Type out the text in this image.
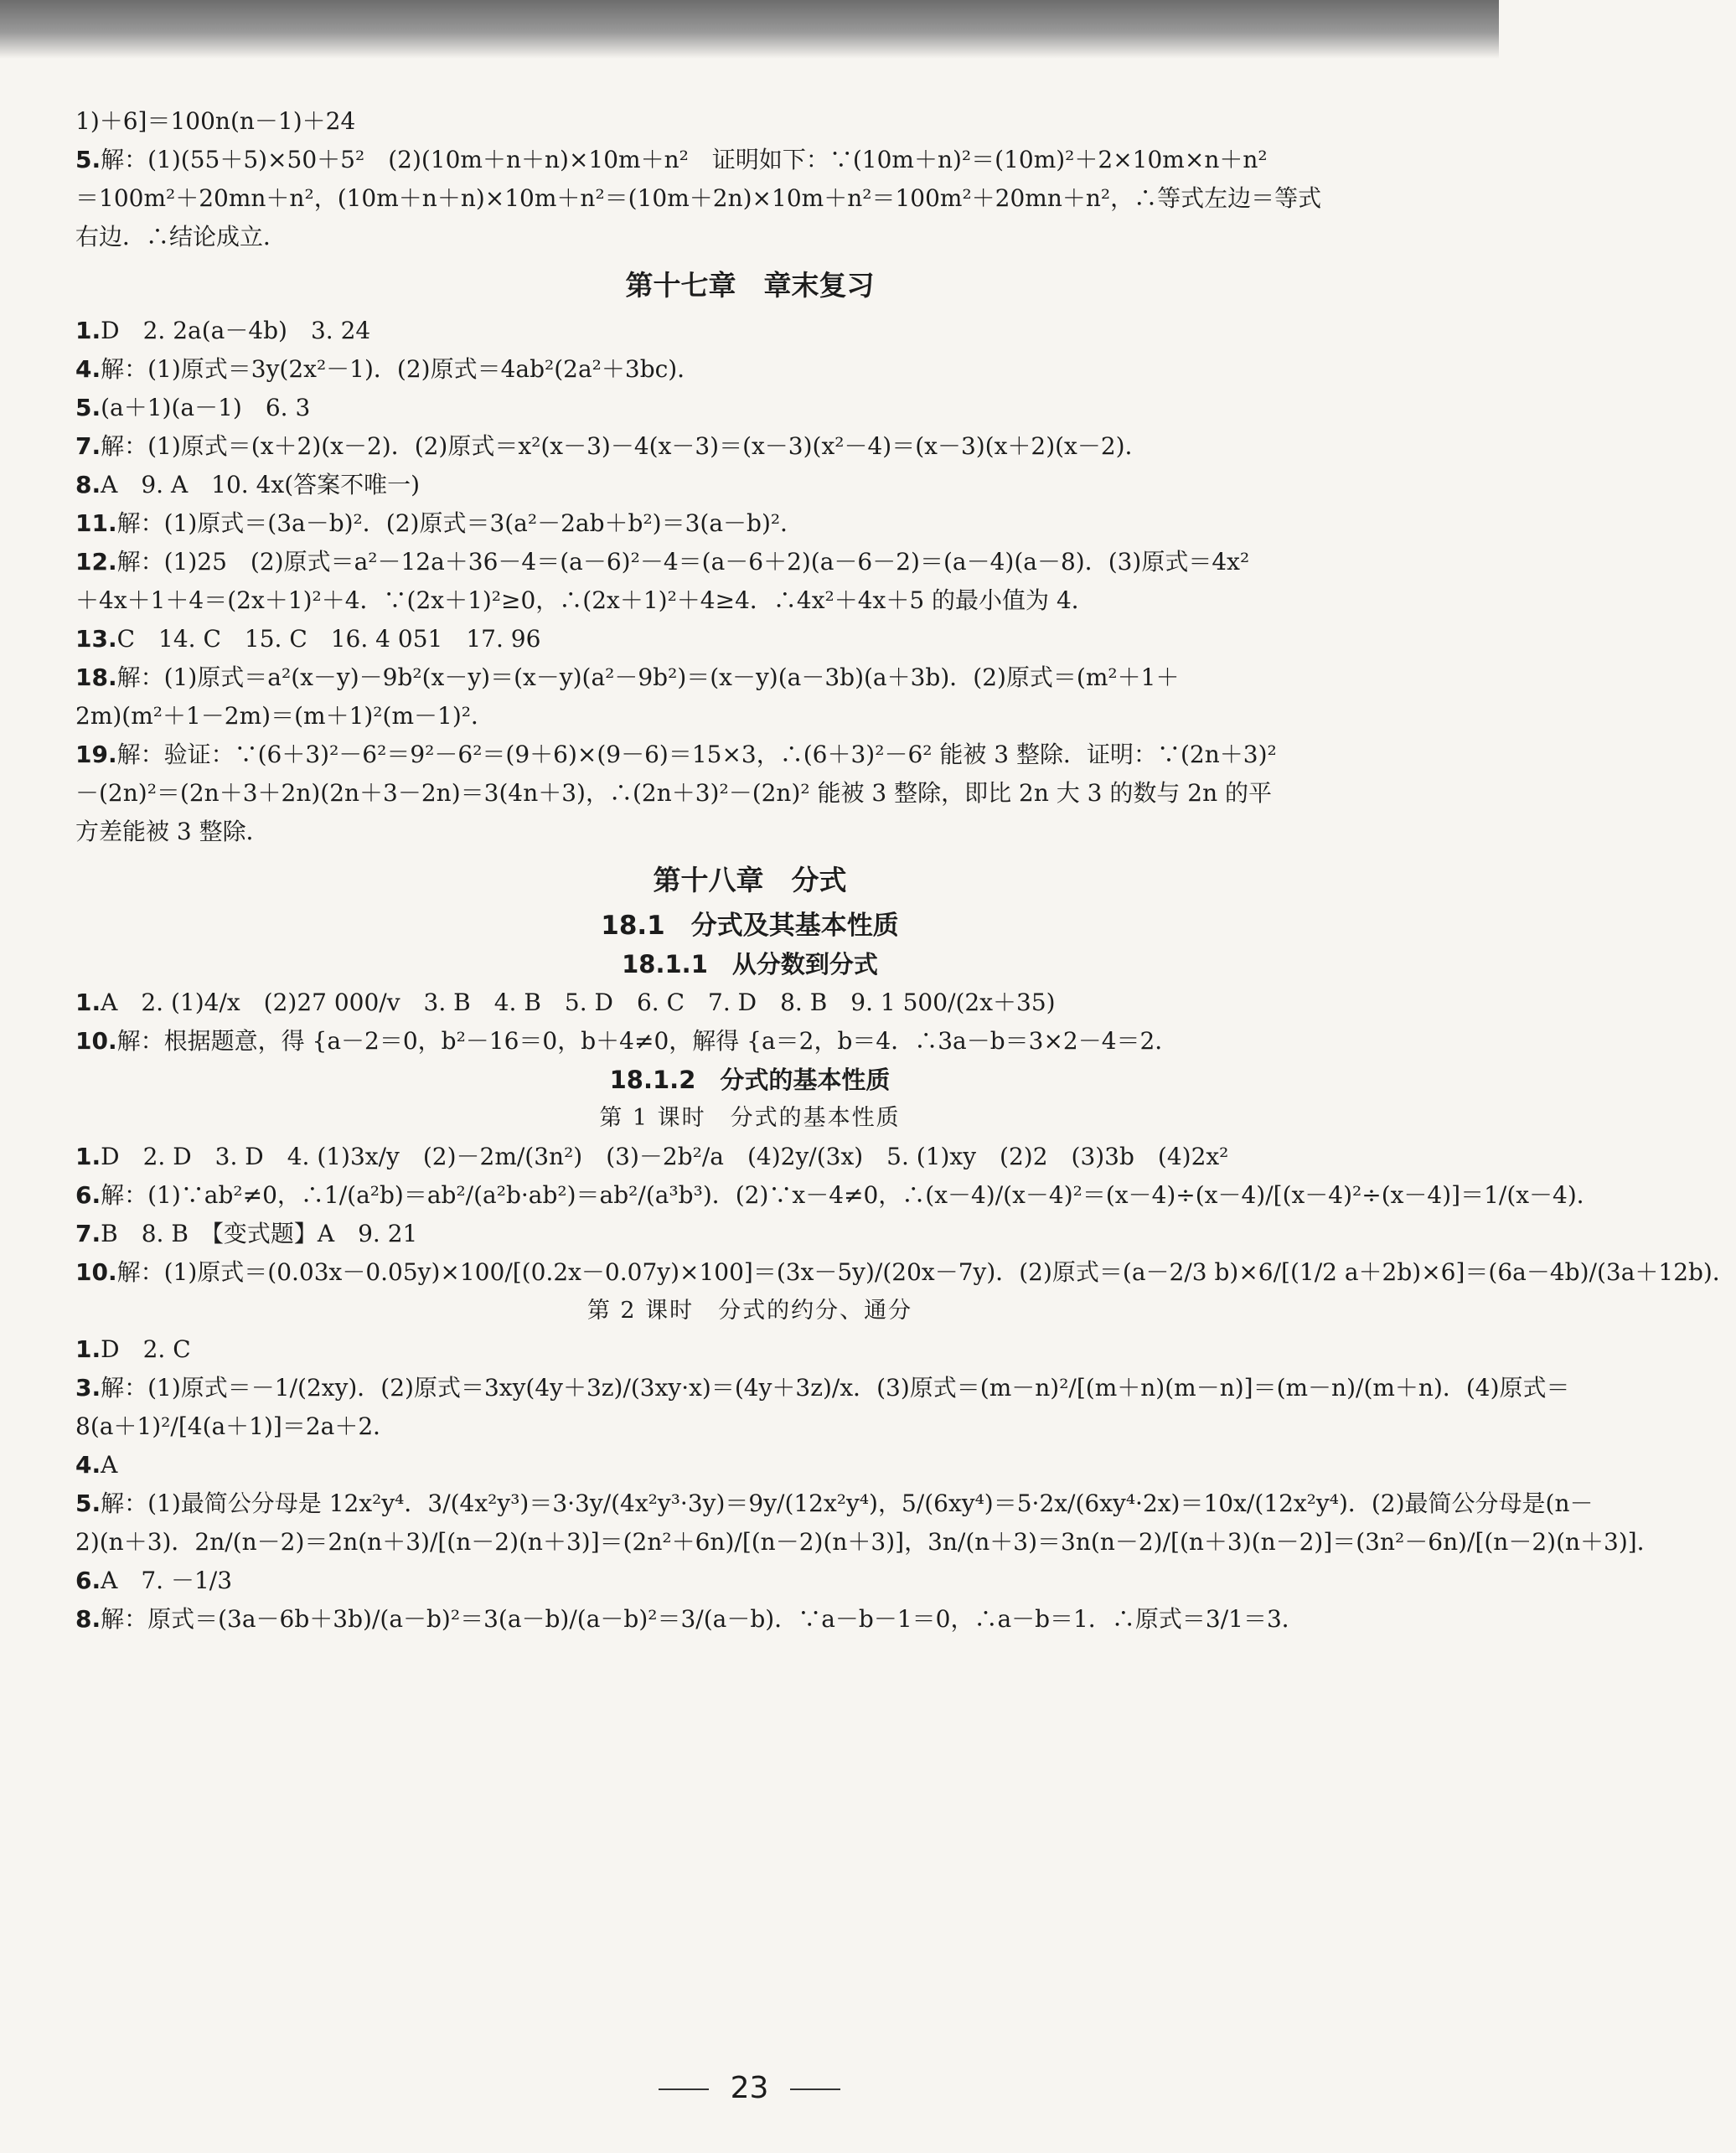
1)＋6]＝100n(n－1)＋24
5.解：(1)(55＋5)×50＋5²　(2)(10m＋n＋n)×10m＋n²　证明如下：∵(10m＋n)²＝(10m)²＋2×10m×n＋n²
＝100m²＋20mn＋n²，(10m＋n＋n)×10m＋n²＝(10m＋2n)×10m＋n²＝100m²＋20mn＋n²，∴等式左边＝等式
右边．∴结论成立．
第十七章　章末复习
1.D　2. 2a(a－4b)　3. 24
4.解：(1)原式＝3y(2x²－1)．(2)原式＝4ab²(2a²＋3bc)．
5.(a＋1)(a－1)　6. 3
7.解：(1)原式＝(x＋2)(x－2)．(2)原式＝x²(x－3)－4(x－3)＝(x－3)(x²－4)＝(x－3)(x＋2)(x－2)．
8.A　9. A　10. 4x(答案不唯一)
11.解：(1)原式＝(3a－b)²．(2)原式＝3(a²－2ab＋b²)＝3(a－b)²．
12.解：(1)25　(2)原式＝a²－12a＋36－4＝(a－6)²－4＝(a－6＋2)(a－6－2)＝(a－4)(a－8)．(3)原式＝4x²
＋4x＋1＋4＝(2x＋1)²＋4．∵(2x＋1)²≥0，∴(2x＋1)²＋4≥4．∴4x²＋4x＋5 的最小值为 4．
13.C　14. C　15. C　16. 4 051　17. 96
18.解：(1)原式＝a²(x－y)－9b²(x－y)＝(x－y)(a²－9b²)＝(x－y)(a－3b)(a＋3b)．(2)原式＝(m²＋1＋
2m)(m²＋1－2m)＝(m＋1)²(m－1)²．
19.解：验证：∵(6＋3)²－6²＝9²－6²＝(9＋6)×(9－6)＝15×3，∴(6＋3)²－6² 能被 3 整除．证明：∵(2n＋3)²
－(2n)²＝(2n＋3＋2n)(2n＋3－2n)＝3(4n＋3)，∴(2n＋3)²－(2n)² 能被 3 整除，即比 2n 大 3 的数与 2n 的平
方差能被 3 整除．
第十八章　分式
18.1　分式及其基本性质
18.1.1　从分数到分式
1.A　2. (1)4/x　(2)27 000/v　3. B　4. B　5. D　6. C　7. D　8. B　9. 1 500/(2x＋35)
10.解：根据题意，得 {a－2＝0，b²－16＝0，b＋4≠0，解得 {a＝2，b＝4．∴3a－b＝3×2－4＝2．
18.1.2　分式的基本性质
第 1 课时　分式的基本性质
1.D　2. D　3. D　4. (1)3x/y　(2)－2m/(3n²)　(3)－2b²/a　(4)2y/(3x)　5. (1)xy　(2)2　(3)3b　(4)2x²
6.解：(1)∵ab²≠0，∴1/(a²b)＝ab²/(a²b·ab²)＝ab²/(a³b³)．(2)∵x－4≠0，∴(x－4)/(x－4)²＝(x－4)÷(x－4)/[(x－4)²÷(x－4)]＝1/(x－4)．
7.B　8. B　【变式题】A　9. 21
10.解：(1)原式＝(0.03x－0.05y)×100/[(0.2x－0.07y)×100]＝(3x－5y)/(20x－7y)．(2)原式＝(a－2/3 b)×6/[(1/2 a＋2b)×6]＝(6a－4b)/(3a＋12b)．
第 2 课时　分式的约分、通分
1.D　2. C
3.解：(1)原式＝－1/(2xy)．(2)原式＝3xy(4y＋3z)/(3xy·x)＝(4y＋3z)/x．(3)原式＝(m－n)²/[(m＋n)(m－n)]＝(m－n)/(m＋n)．(4)原式＝
8(a＋1)²/[4(a＋1)]＝2a＋2．
4.A
5.解：(1)最简公分母是 12x²y⁴．3/(4x²y³)＝3·3y/(4x²y³·3y)＝9y/(12x²y⁴)，5/(6xy⁴)＝5·2x/(6xy⁴·2x)＝10x/(12x²y⁴)．(2)最简公分母是(n－
2)(n＋3)．2n/(n－2)＝2n(n＋3)/[(n－2)(n＋3)]＝(2n²＋6n)/[(n－2)(n＋3)]，3n/(n＋3)＝3n(n－2)/[(n＋3)(n－2)]＝(3n²－6n)/[(n－2)(n＋3)]．
6.A　7. －1/3
8.解：原式＝(3a－6b＋3b)/(a－b)²＝3(a－b)/(a－b)²＝3/(a－b)．∵a－b－1＝0，∴a－b＝1．∴原式＝3/1＝3．
23
